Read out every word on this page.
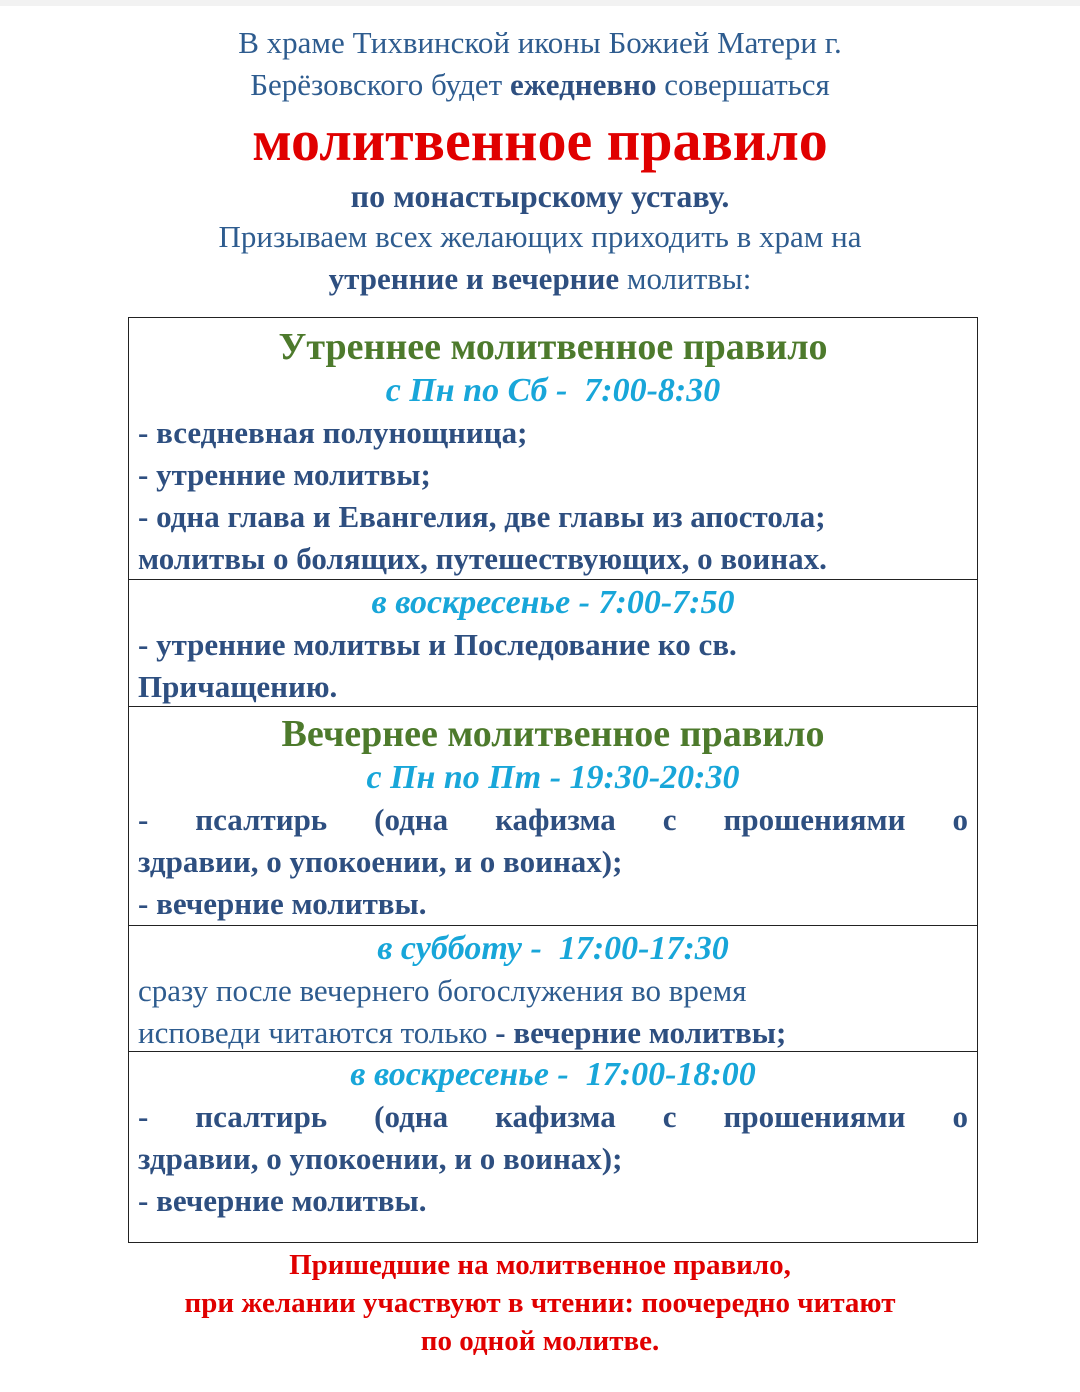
В храме Тихвинской иконы Божией Матери г.
Берёзовского будет ежедневно совершаться
молитвенное правило
по монастырскому уставу.
Призываем всех желающих приходить в храм на
утренние и вечерние молитвы:
Утреннее молитвенное правило
с Пн по Сб -  7:00-8:30
- вседневная полунощница;
- утренние молитвы;
- одна глава и Евангелия, две главы из апостола;
молитвы о болящих, путешествующих, о воинах.
в воскресенье - 7:00-7:50
- утренние молитвы и Последование ко св.
Причащению.
Вечернее молитвенное правило
с Пн по Пт - 19:30-20:30
- псалтирь (одна кафизма с прошениями о
здравии, о упокоении, и о воинах);
- вечерние молитвы.
в субботу -  17:00-17:30
сразу после вечернего богослужения во время
исповеди читаются только - вечерние молитвы;
в воскресенье -  17:00-18:00
- псалтирь (одна кафизма с прошениями о
здравии, о упокоении, и о воинах);
- вечерние молитвы.
Пришедшие на молитвенное правило,
при желании участвуют в чтении: поочередно читают
по одной молитве.
